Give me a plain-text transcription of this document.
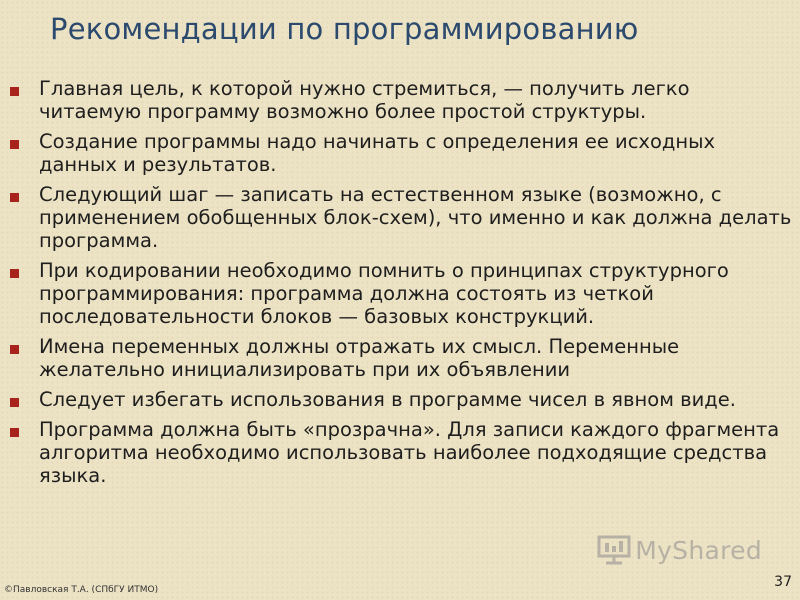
Рекомендации по программированию
Главная цель, к которой нужно стремиться, — получить легко читаемую программу возможно более простой структуры.
Создание программы надо начинать с определения ее исходных данных и результатов.
Следующий шаг — записать на естественном языке (возможно, с применением обобщенных блок-схем), что именно и как должна делать программа.
При кодировании необходимо помнить о принципах структурного программирования: программа должна состоять из четкой последовательности блоков — базовых конструкций.
Имена переменных должны отражать их смысл. Переменные желательно инициализировать при их объявлении
Следует избегать использования в программе чисел в явном виде.
Программа должна быть «прозрачна». Для записи каждого фрагмента алгоритма необходимо использовать наиболее подходящие средства языка.
MyShared
©Павловская Т.А. (СПбГУ ИТМО)	37
